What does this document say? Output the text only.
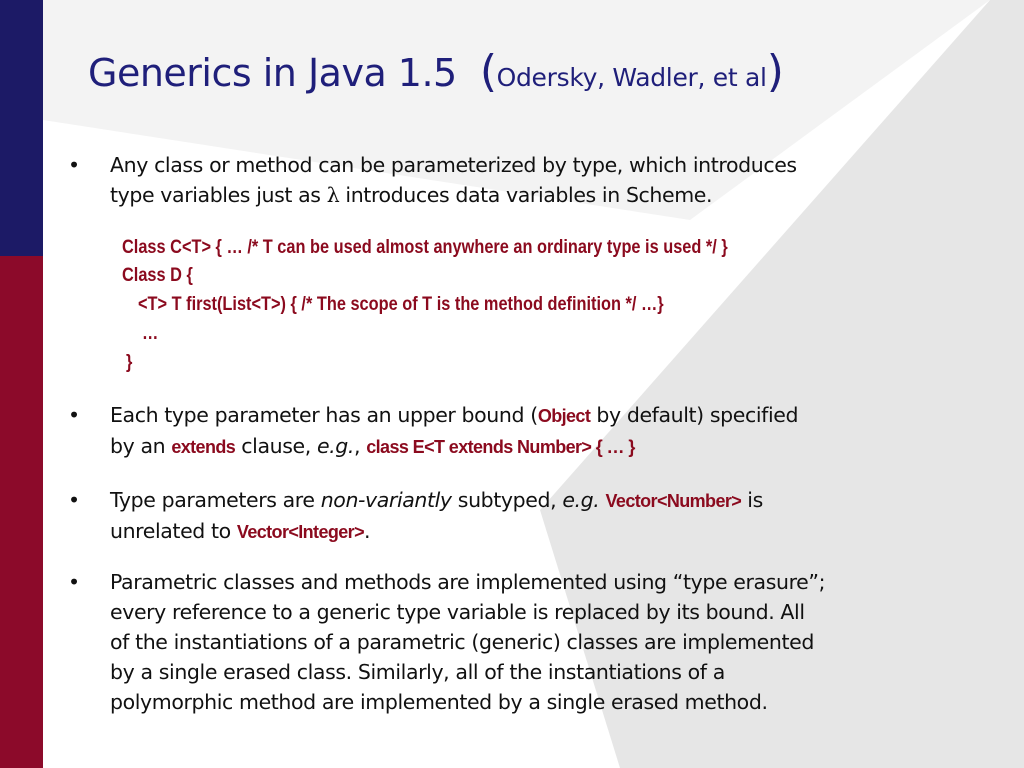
Generics in Java 1.5 (Odersky, Wadler, et al)
• Any class or method can be parameterized by type, which introduces
type variables just as λ introduces data variables in Scheme.
Class C<T> { … /* T can be used almost anywhere an ordinary type is used */ }
Class D {
<T> T first(List<T>) { /* The scope of T is the method definition */ …}
…
}
• Each type parameter has an upper bound (Object by default) specified
by an extends clause, e.g., class E<T extends Number> { … }
• Type parameters are non-variantly subtyped, e.g. Vector<Number> is
unrelated to Vector<Integer>.
• Parametric classes and methods are implemented using “type erasure”;
every reference to a generic type variable is replaced by its bound. All
of the instantiations of a parametric (generic) classes are implemented
by a single erased class. Similarly, all of the instantiations of a
polymorphic method are implemented by a single erased method.
